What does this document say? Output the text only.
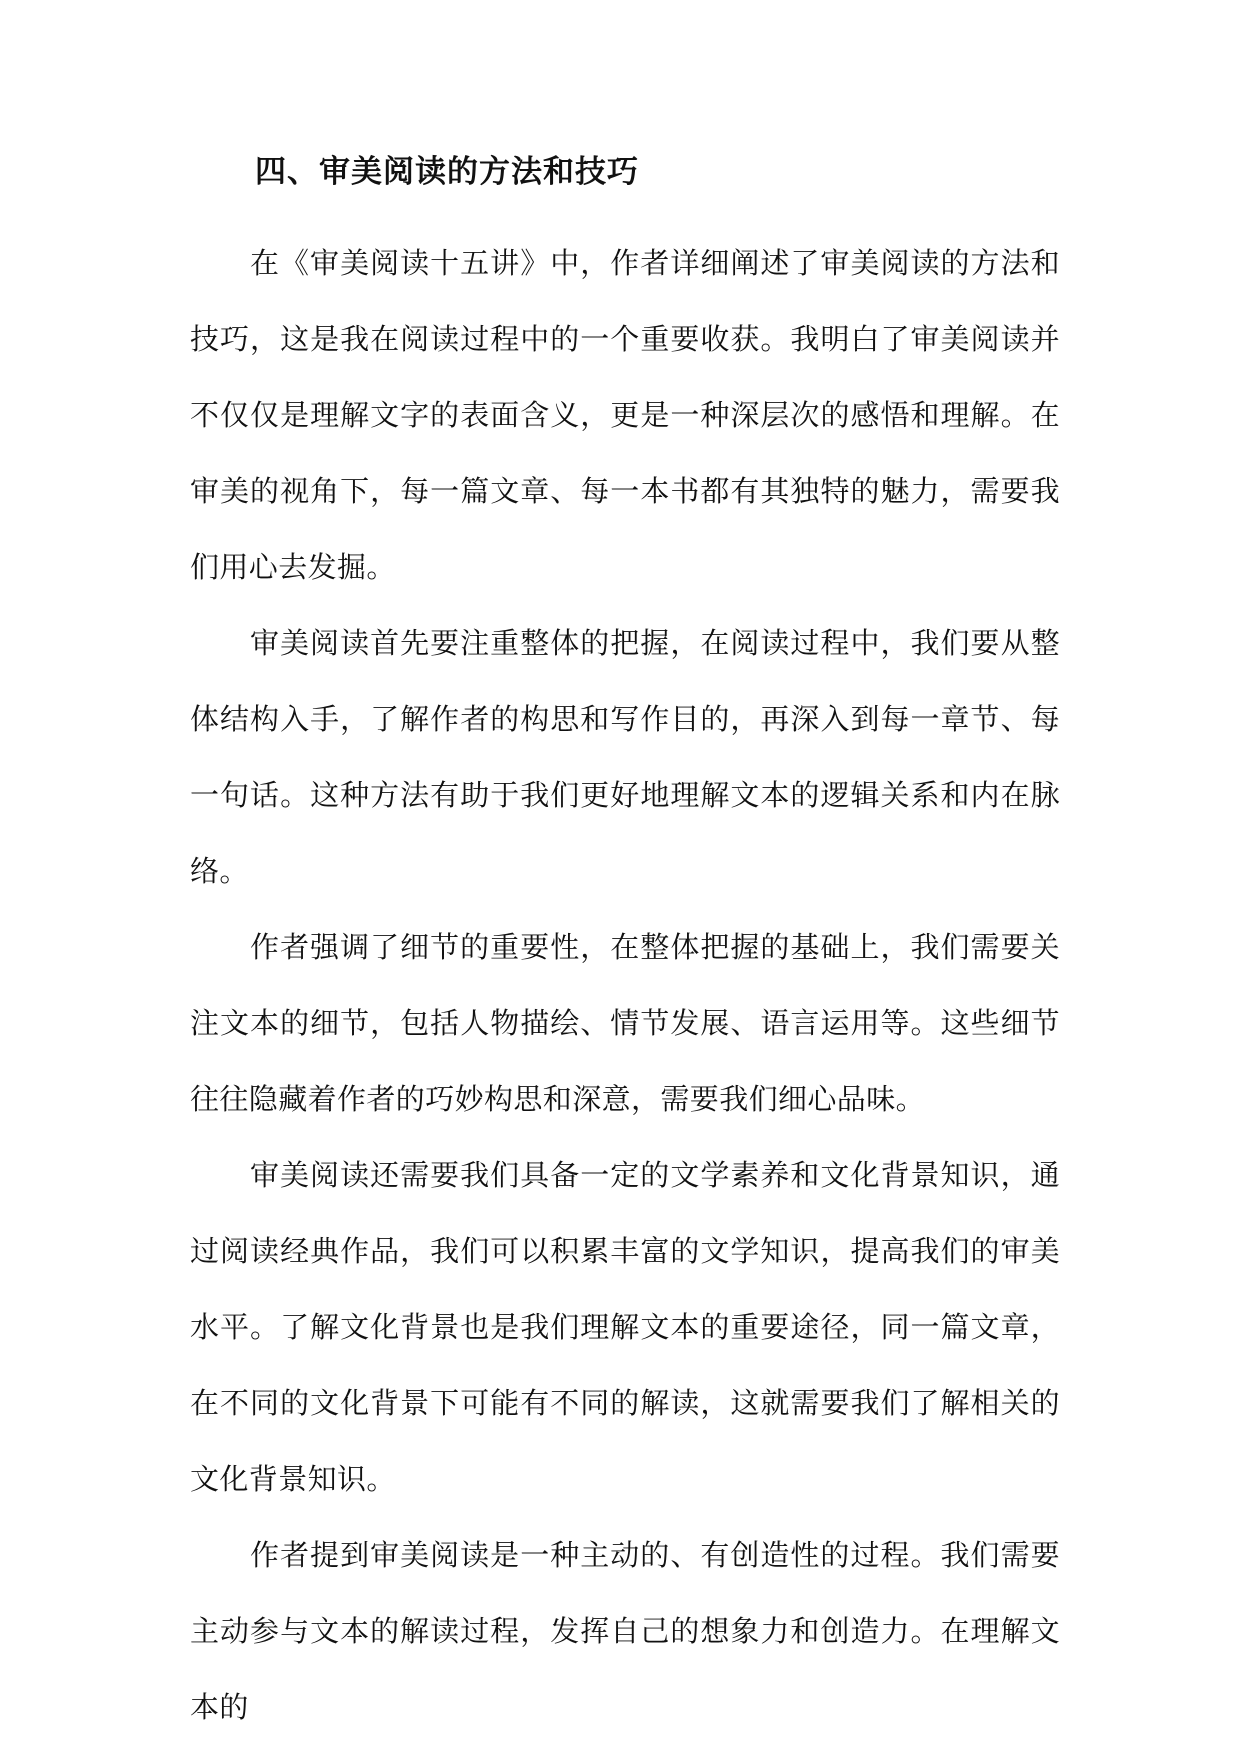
四、审美阅读的方法和技巧

在《审美阅读十五讲》中，作者详细阐述了审美阅读的方法和技巧，这是我在阅读过程中的一个重要收获。我明白了审美阅读并不仅仅是理解文字的表面含义，更是一种深层次的感悟和理解。在审美的视角下，每一篇文章、每一本书都有其独特的魅力，需要我们用心去发掘。

审美阅读首先要注重整体的把握，在阅读过程中，我们要从整体结构入手，了解作者的构思和写作目的，再深入到每一章节、每一句话。这种方法有助于我们更好地理解文本的逻辑关系和内在脉络。

作者强调了细节的重要性，在整体把握的基础上，我们需要关注文本的细节，包括人物描绘、情节发展、语言运用等。这些细节往往隐藏着作者的巧妙构思和深意，需要我们细心品味。

审美阅读还需要我们具备一定的文学素养和文化背景知识，通过阅读经典作品，我们可以积累丰富的文学知识，提高我们的审美水平。了解文化背景也是我们理解文本的重要途径，同一篇文章，在不同的文化背景下可能有不同的解读，这就需要我们了解相关的文化背景知识。

作者提到审美阅读是一种主动的、有创造性的过程。我们需要主动参与文本的解读过程，发挥自己的想象力和创造力。在理解文本的
